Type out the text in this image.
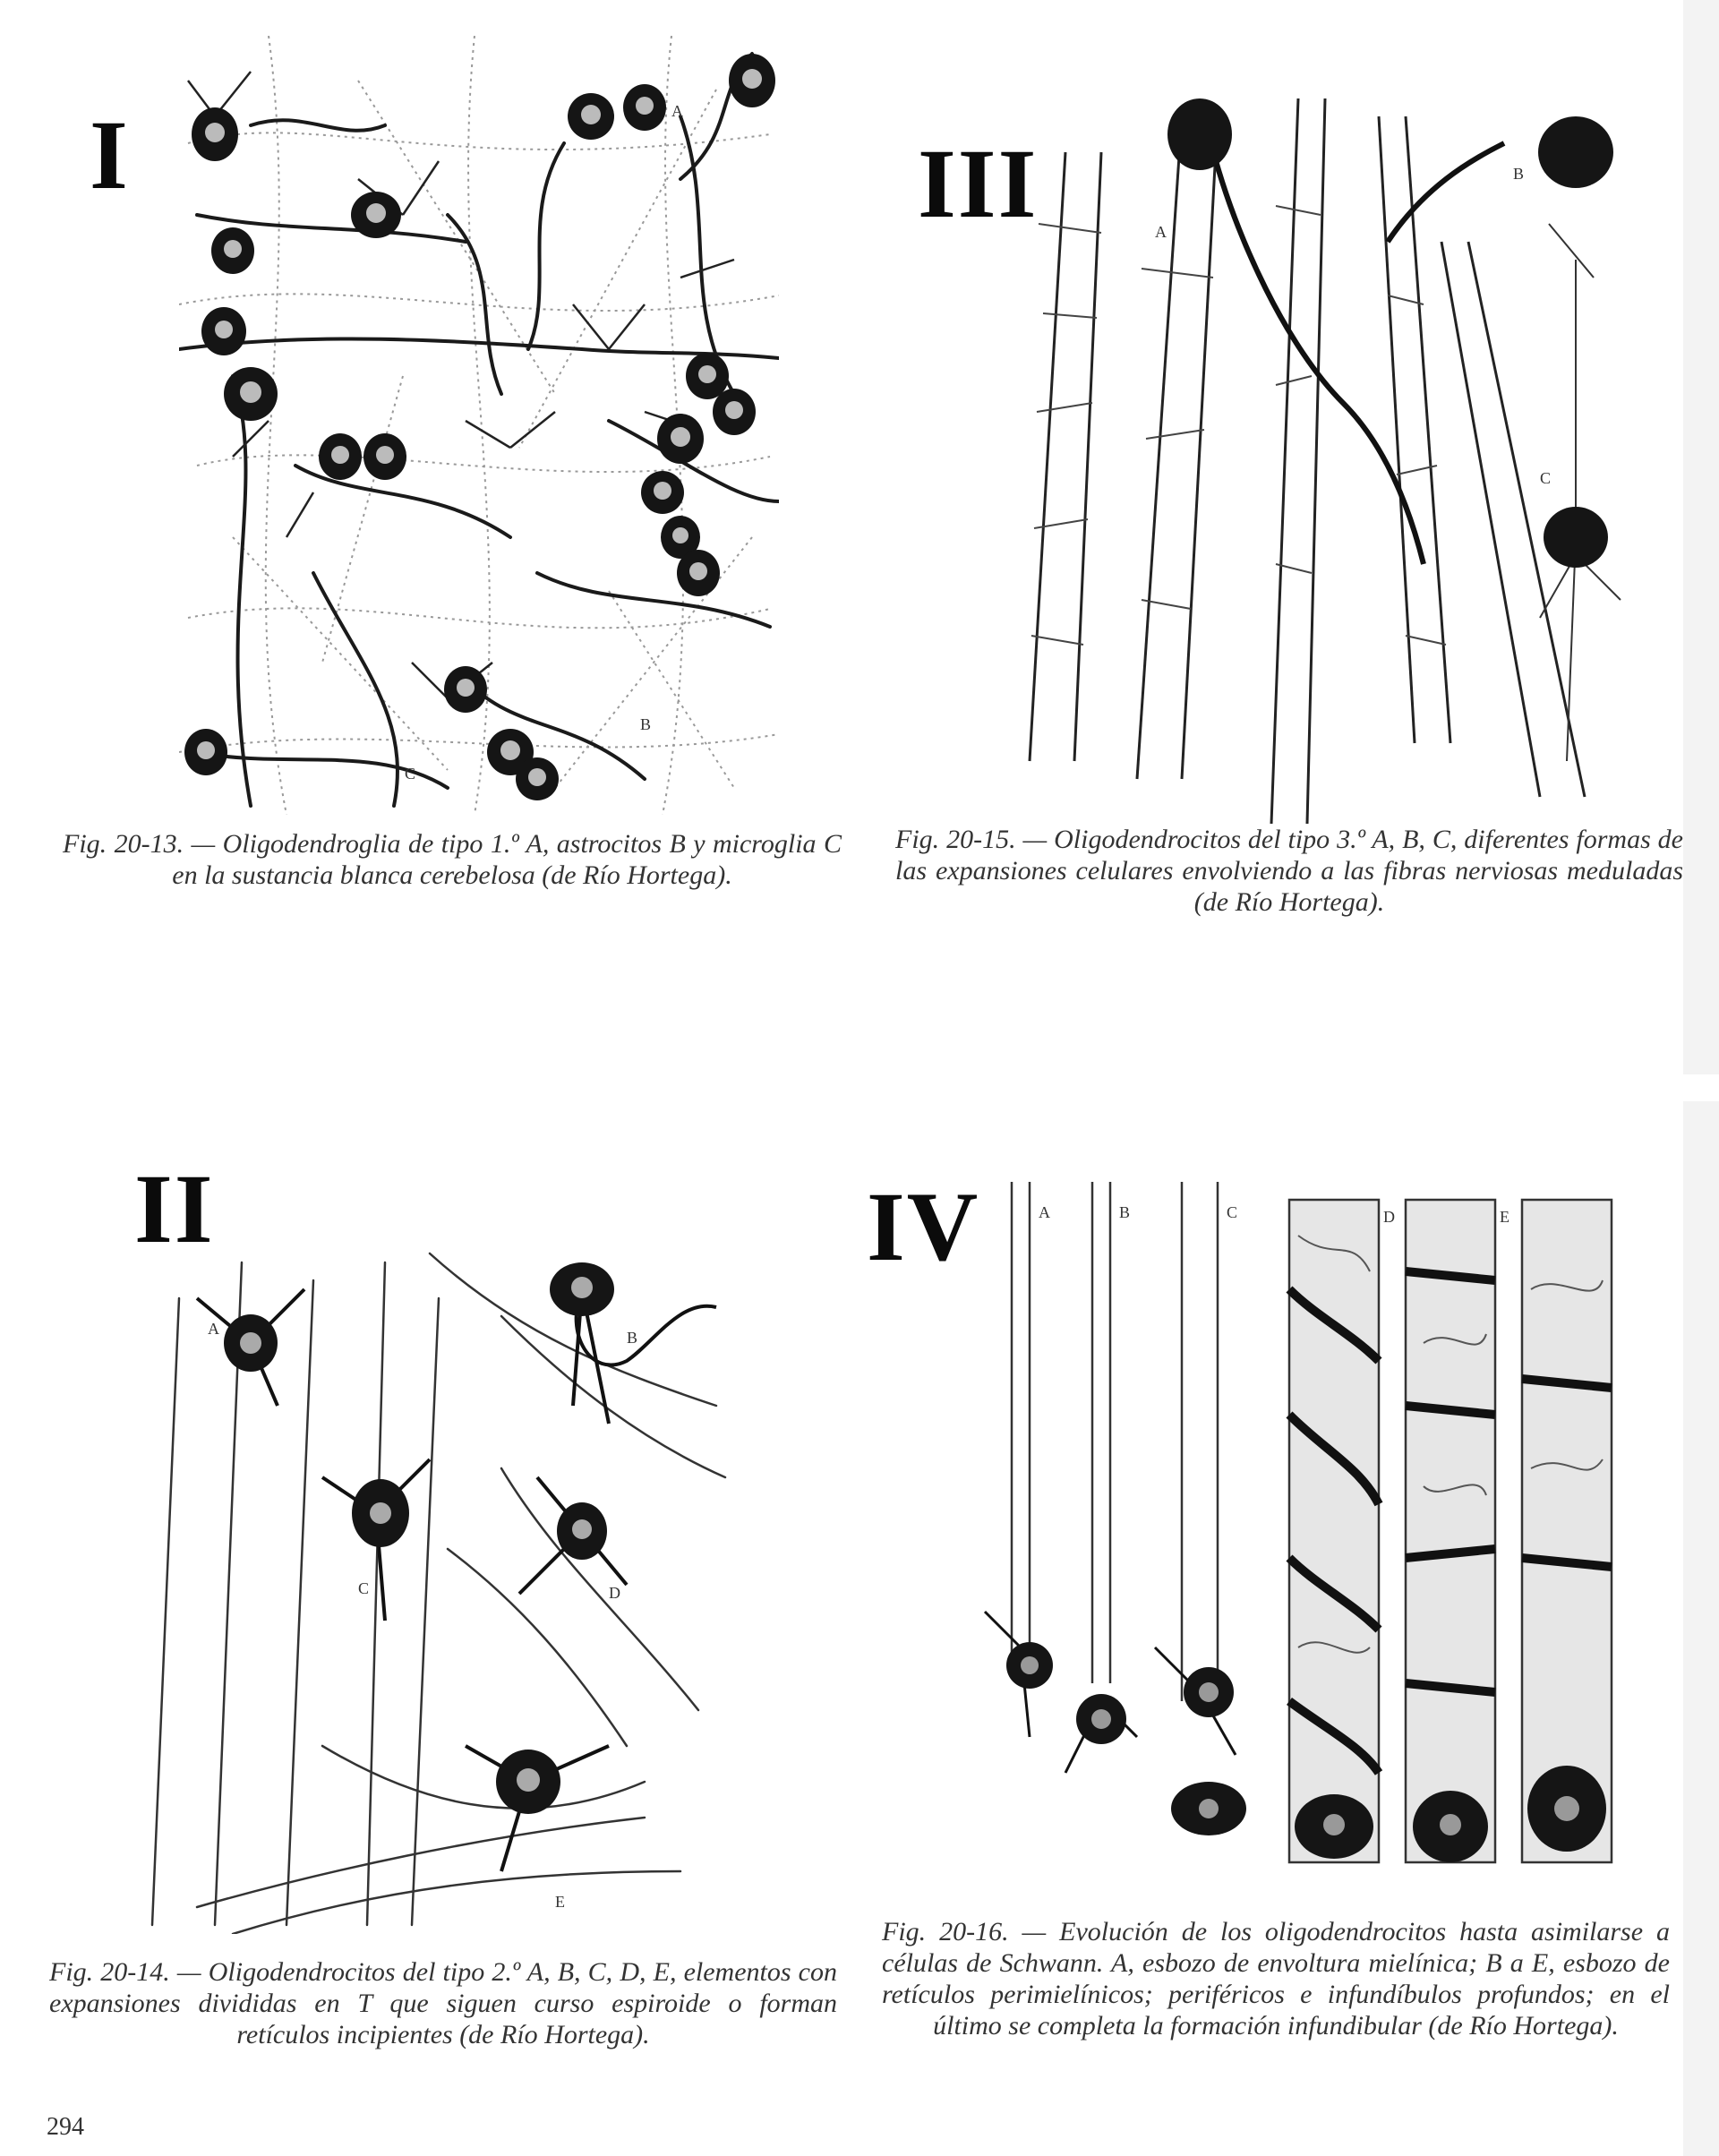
I	A
B
C
Fig. 20-13. — Oligodendroglia de tipo 1.º A, astrocitos B y microglia C en la sustancia blanca cerebelosa (de Río Hortega).
III	A
B
C
Fig. 20-15. — Oligodendrocitos del tipo 3.º A, B, C, diferentes formas de las expansiones celulares envolviendo a las fibras nerviosas meduladas (de Río Hortega).
II
A	B
C	D
E
Fig. 20-14. — Oligodendrocitos del tipo 2.º A, B, C, D, E, elementos con expansiones divididas en T que siguen curso espiroide o forman retículos incipientes (de Río Hortega).
IV	A	B	C	D	E
Fig. 20-16. — Evolución de los oligodendrocitos hasta asimilarse a células de Schwann. A, esbozo de envoltura mielínica; B a E, esbozo de retículos perimielínicos; periféricos e infundíbulos profundos; en el último se completa la formación infundibular (de Río Hortega).
294
